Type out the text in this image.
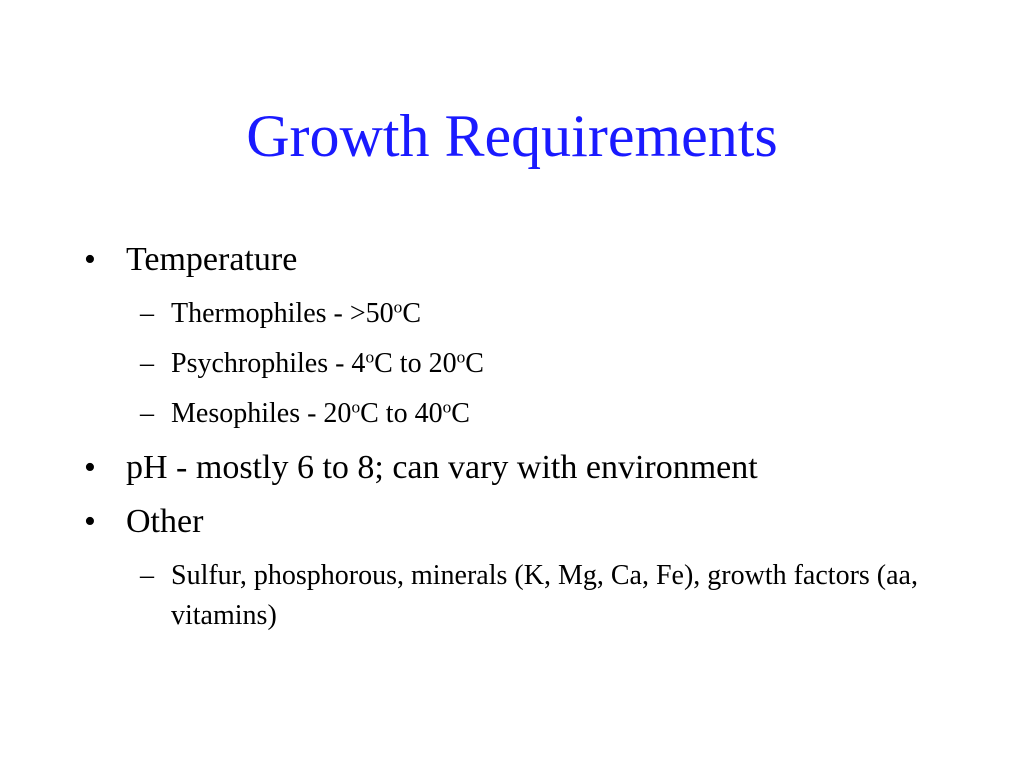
Growth Requirements
• Temperature
– Thermophiles - $>50^oC$
– Psychrophiles - 4$^o$C to 20$^o$C
– Mesophiles - 20$^o$C to 40$^o$C
• pH - mostly 6 to 8; can vary with environment
• Other
– Sulfur, phosphorous, minerals (K, Mg, Ca, Fe), growth factors (aa, vitamins)
